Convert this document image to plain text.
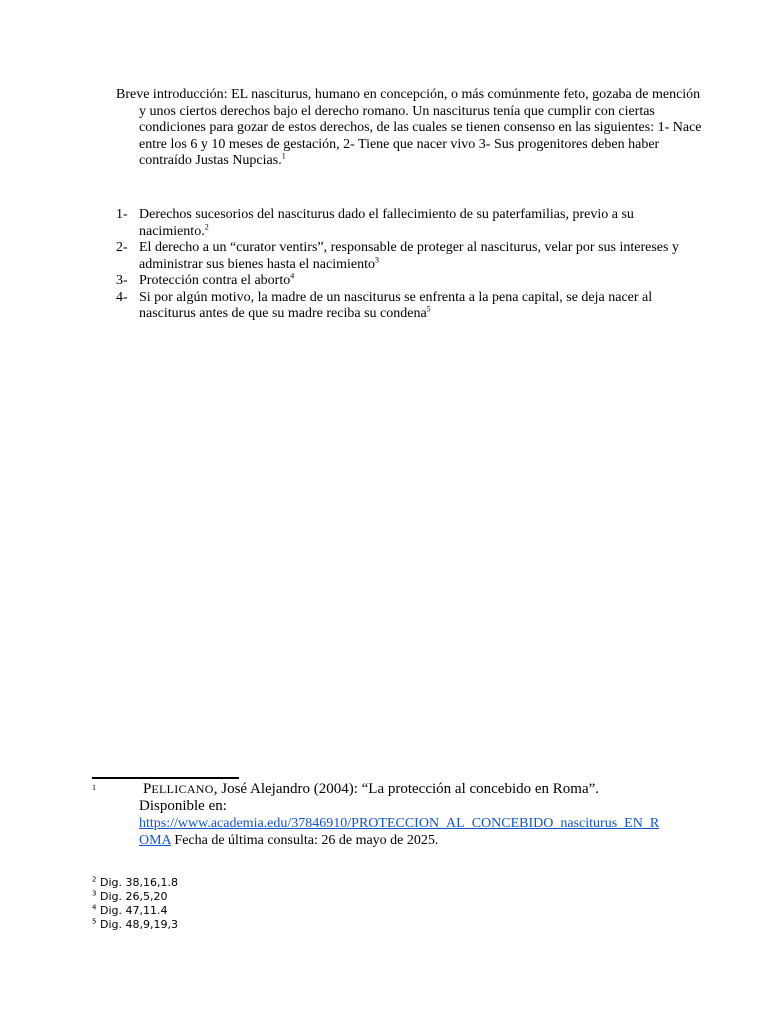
Breve introducción: EL nasciturus, humano en concepción, o más comúnmente feto, gozaba de mención y unos ciertos derechos bajo el derecho romano. Un nasciturus tenía que cumplir con ciertas condiciones para gozar de estos derechos, de las cuales se tienen consenso en las siguientes: 1- Nace entre los 6 y 10 meses de gestación, 2- Tiene que nacer vivo 3- Sus progenitores deben haber contraído Justas Nupcias.$^1$

1- Derechos sucesorios del nasciturus dado el fallecimiento de su paterfamilias, previo a su nacimiento.$^2$
2- El derecho a un “curator ventirs”, responsable de proteger al nasciturus, velar por sus intereses y administrar sus bienes hasta el nacimiento$^3$
3- Protección contra el aborto$^4$
4- Si por algún motivo, la madre de un nasciturus se enfrenta a la pena capital, se deja nacer al nasciturus antes de que su madre reciba su condena$^5$
1	PELLICANO, José Alejandro (2004): “La protección al concebido en Roma”.
Disponible en:
https://www.academia.edu/37846910/PROTECCION_AL_CONCEBIDO_nasciturus_EN_R
OMA Fecha de última consulta: 26 de mayo de 2025.
$^2$ Dig. 38,16,1.8
$^3$ Dig. 26,5,20
$^4$ Dig. 47,11.4
$^5$ Dig. 48,9,19,3
